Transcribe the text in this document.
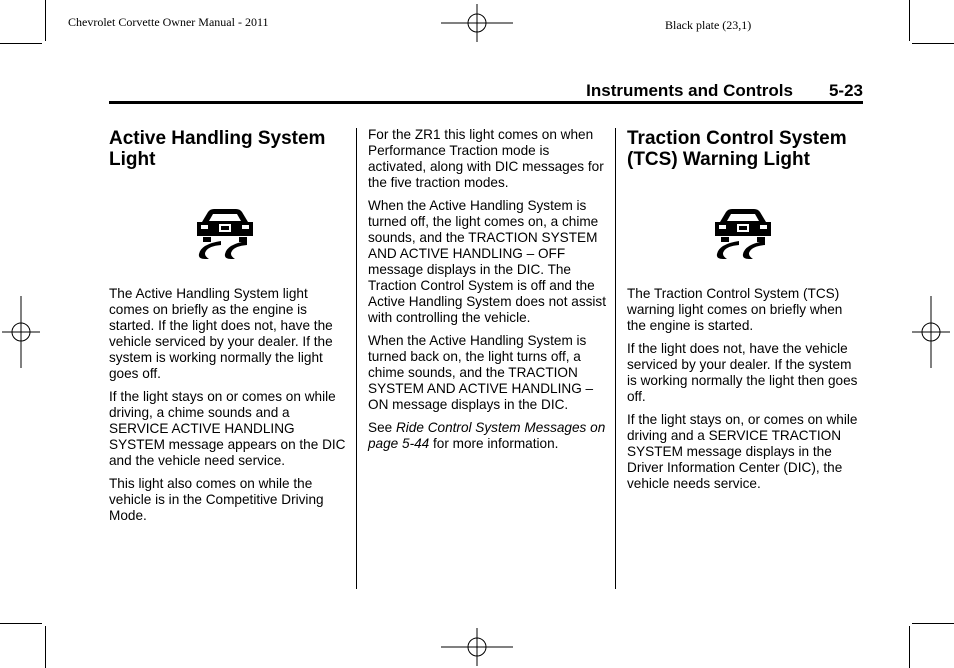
Chevrolet Corvette Owner Manual - 2011	Black plate (23,1)
Instruments and Controls 5-23
Active Handling System Light

The Active Handling System light comes on briefly as the engine is started. If the light does not, have the vehicle serviced by your dealer. If the system is working normally the light goes off.

If the light stays on or comes on while driving, a chime sounds and a SERVICE ACTIVE HANDLING SYSTEM message appears on the DIC and the vehicle need service.

This light also comes on while the vehicle is in the Competitive Driving Mode.

For the ZR1 this light comes on when Performance Traction mode is activated, along with DIC messages for the five traction modes.

When the Active Handling System is turned off, the light comes on, a chime sounds, and the TRACTION SYSTEM AND ACTIVE HANDLING – OFF message displays in the DIC. The Traction Control System is off and the Active Handling System does not assist with controlling the vehicle.

When the Active Handling System is turned back on, the light turns off, a chime sounds, and the TRACTION SYSTEM AND ACTIVE HANDLING – ON message displays in the DIC.

See Ride Control System Messages on page 5-44 for more information.

Traction Control System (TCS) Warning Light

The Traction Control System (TCS) warning light comes on briefly when the engine is started.

If the light does not, have the vehicle serviced by your dealer. If the system is working normally the light then goes off.

If the light stays on, or comes on while driving and a SERVICE TRACTION SYSTEM message displays in the Driver Information Center (DIC), the vehicle needs service.
